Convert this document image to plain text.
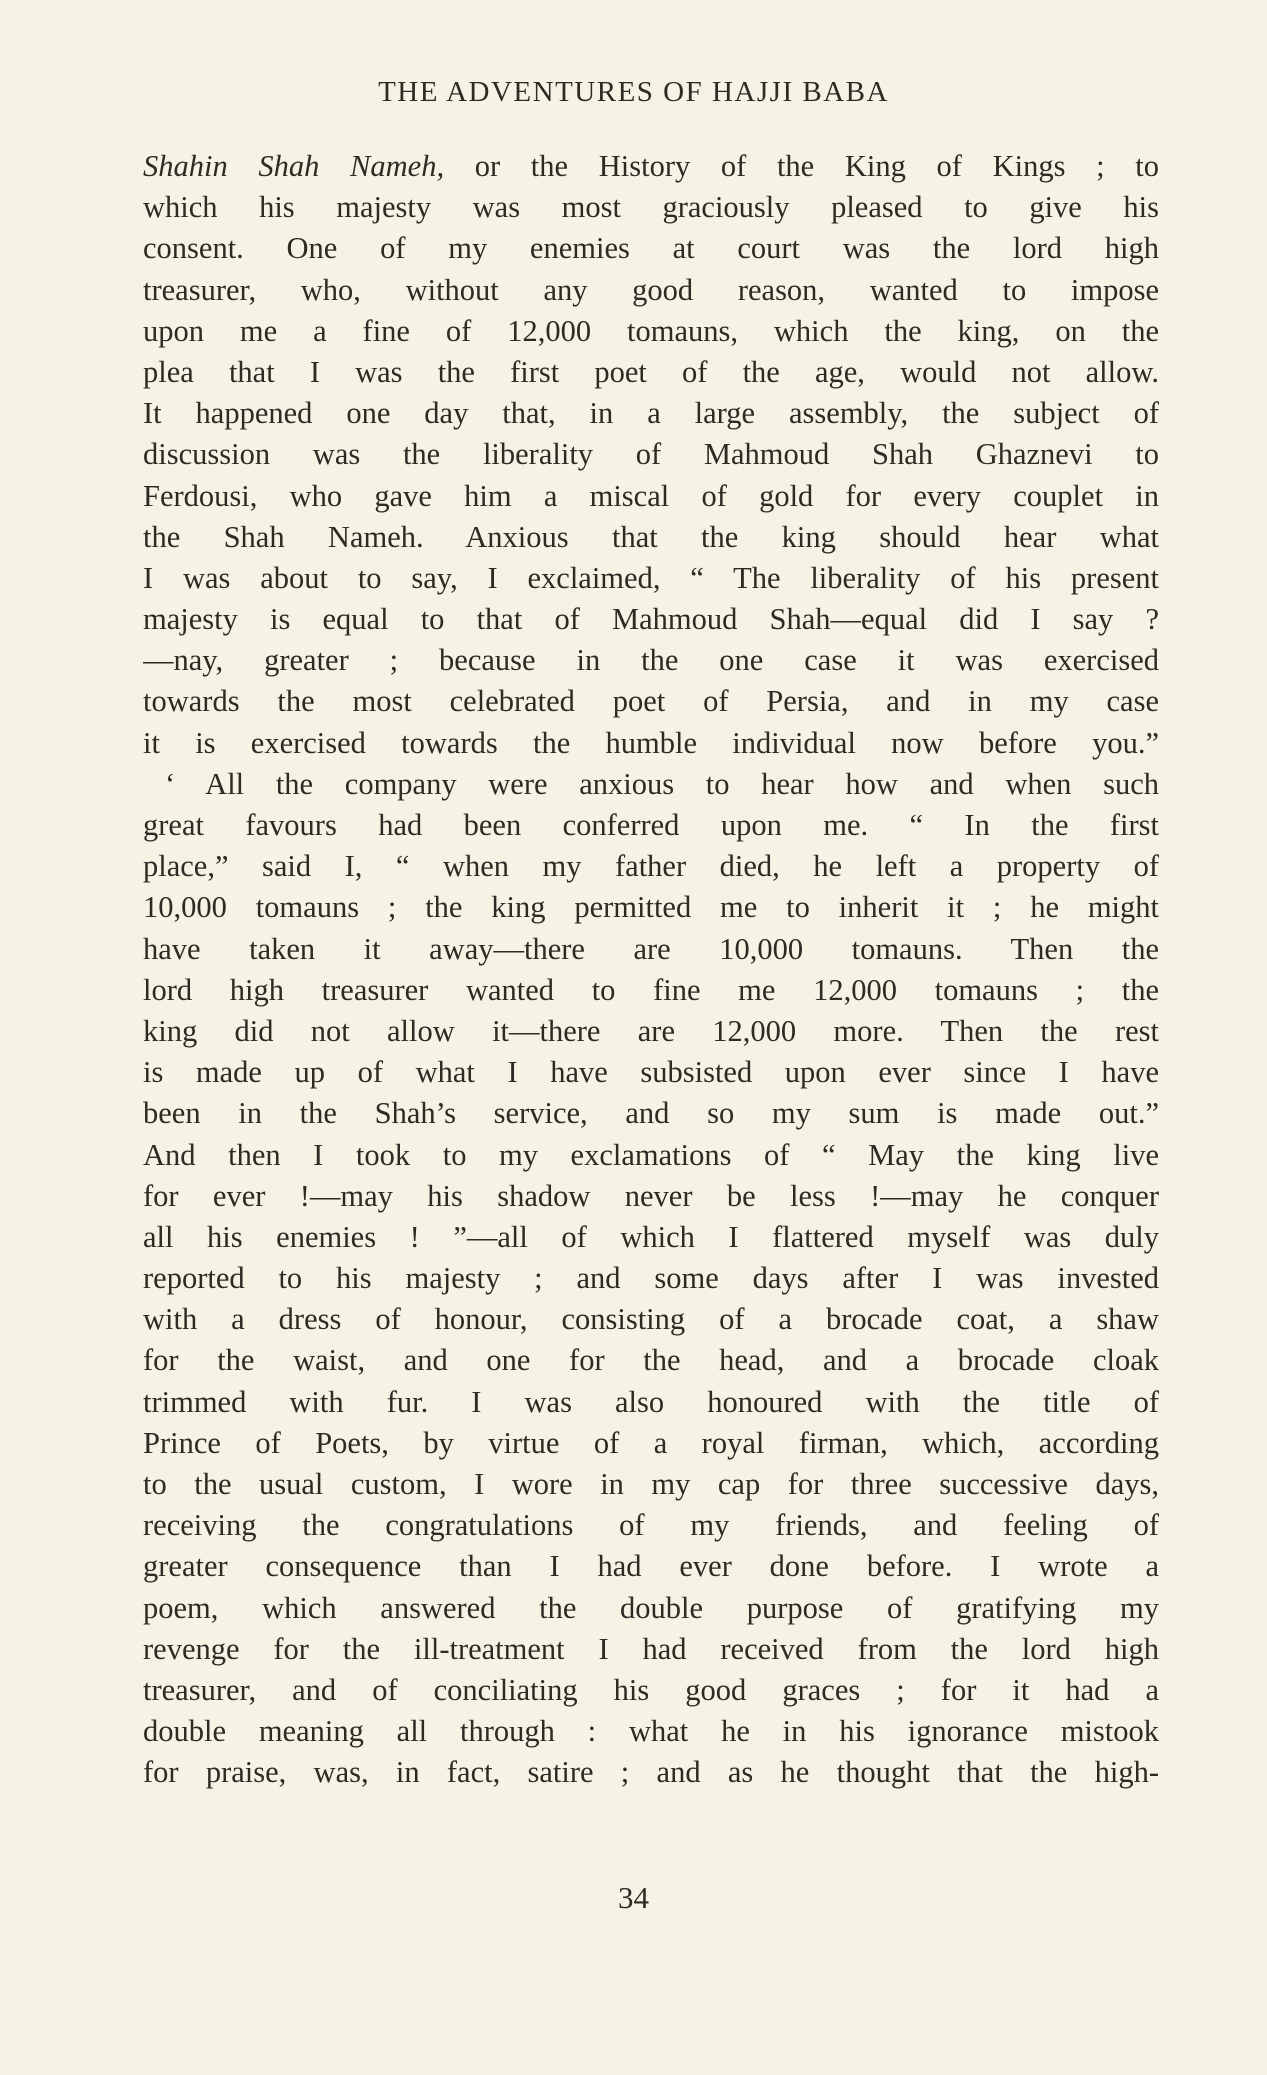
THE ADVENTURES OF HAJJI BABA
Shahin Shah Nameh, or the History of the King of Kings ; to
which his majesty was most graciously pleased to give his
consent. One of my enemies at court was the lord high
treasurer, who, without any good reason, wanted to impose
upon me a fine of 12,000 tomauns, which the king, on the
plea that I was the first poet of the age, would not allow.
It happened one day that, in a large assembly, the subject of
discussion was the liberality of Mahmoud Shah Ghaznevi to
Ferdousi, who gave him a miscal of gold for every couplet in
the Shah Nameh. Anxious that the king should hear what
I was about to say, I exclaimed, “ The liberality of his present
majesty is equal to that of Mahmoud Shah—equal did I say ?
—nay, greater ; because in the one case it was exercised
towards the most celebrated poet of Persia, and in my case
it is exercised towards the humble individual now before you.”
‘ All the company were anxious to hear how and when such
great favours had been conferred upon me. “ In the first
place,” said I, “ when my father died, he left a property of
10,000 tomauns ; the king permitted me to inherit it ; he might
have taken it away—there are 10,000 tomauns. Then the
lord high treasurer wanted to fine me 12,000 tomauns ; the
king did not allow it—there are 12,000 more. Then the rest
is made up of what I have subsisted upon ever since I have
been in the Shah’s service, and so my sum is made out.”
And then I took to my exclamations of “ May the king live
for ever !—may his shadow never be less !—may he conquer
all his enemies ! ”—all of which I flattered myself was duly
reported to his majesty ; and some days after I was invested
with a dress of honour, consisting of a brocade coat, a shaw
for the waist, and one for the head, and a brocade cloak
trimmed with fur. I was also honoured with the title of
Prince of Poets, by virtue of a royal firman, which, according
to the usual custom, I wore in my cap for three successive days,
receiving the congratulations of my friends, and feeling of
greater consequence than I had ever done before. I wrote a
poem, which answered the double purpose of gratifying my
revenge for the ill-treatment I had received from the lord high
treasurer, and of conciliating his good graces ; for it had a
double meaning all through : what he in his ignorance mistook
for praise, was, in fact, satire ; and as he thought that the high-
34
